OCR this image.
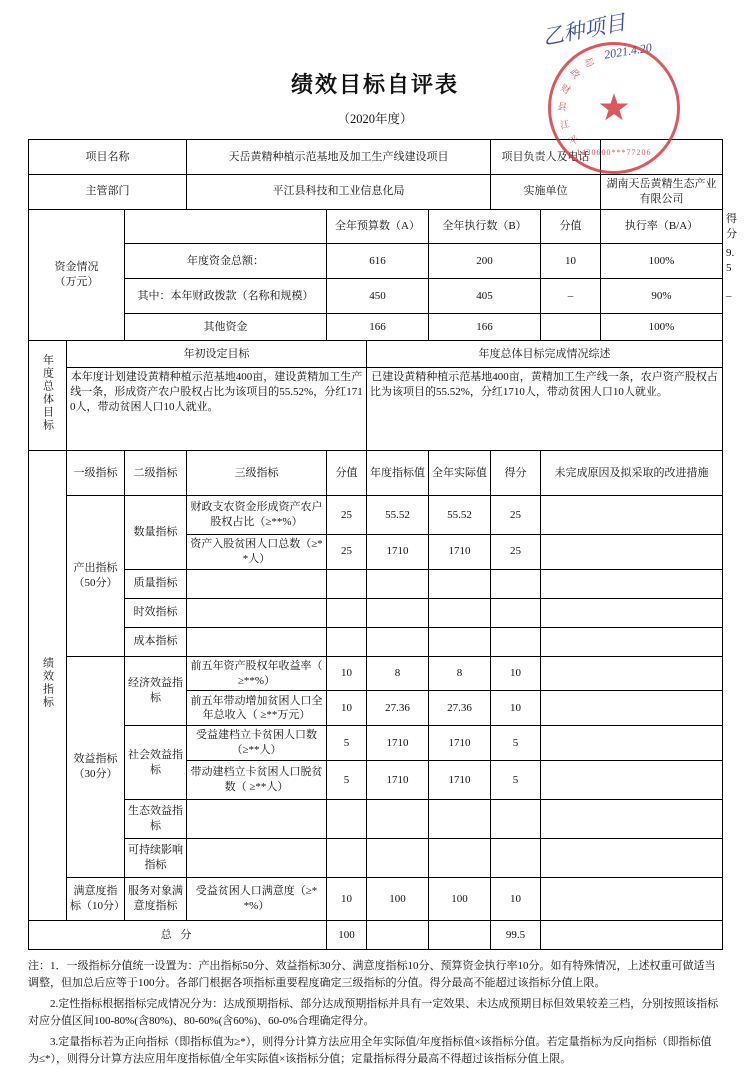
乙种项目
2021.4.20
平
江
县
财
政
局
1430600***77206
绩效目标自评表
（2020年度）
项目名称			天岳黄精种植示范基地及加工生产线建设项目				项目负责人及电话			
主管部门			平江县科技和工业信息化局				实施单位		湖南天岳黄精生态产业有限公司	

资金情况
（万元）				全年预算数（A）		全年执行数（B）		分值	执行率（B/A）	得分
		年度资金总额：		616		200		10	100%	9.5
		其中：本年财政拨款（名称和规模）		450		405		–	90%	–
		其他资金		166		166			100%	
年度总体目标	年初设定目标				年度总体目标完成情况综述					
	本年度计划建设黄精种植示范基地400亩，建设黄精加工生产线一条，形成资产农户股权占比为该项目的55.52%，分红1710人，带动贫困人口10人就业。				已建设黄精种植示范基地400亩，黄精加工生产线一条，农户资产股权占比为该项目的55.52%，分红1710人，带动贫困人口10人就业。					
绩效指标	一级指标	二级指标	三级指标	分值	年度指标值	全年实际值	得分	未完成原因及拟采取的改进措施		
	产出指标（50分）	数量指标	财政支农资金形成资产农户股权占比（≥**%）	25	55.52	55.52	25			
			资产入股贫困人口总数（≥**人）	25	1710	1710	25			
		质量指标								
		时效指标								
		成本指标								
	效益指标（30分）	经济效益指标	前五年资产股权年收益率（ ≥**%）	10	8	8	10			
			前五年带动增加贫困人口全年总收入（ ≥**万元）	10	27.36	27.36	10			
		社会效益指标	受益建档立卡贫困人口数（≥**人）	5	1710	1710	5			
			带动建档立卡贫困人口脱贫数（ ≥**人）	5	1710	1710	5			
		生态效益指标								
		可持续影响指标								
	满意度指标（10分）	服务对象满意度指标	受益贫困人口满意度（≥**%）	10	100	100	10			
总 分				100			99.5			

注：1．一级指标分值统一设置为：产出指标50分、效益指标30分、满意度指标10分、预算资金执行率10分。如有特殊情况，上述权重可做适当调整，但加总后应等于100分。各部门根据各项指标重要程度确定三级指标的分值。得分最高不能超过该指标分值上限。

2.定性指标根据指标完成情况分为：达成预期指标、部分达成预期指标并具有一定效果、未达成预期目标但效果较差三档，分别按照该指标对应分值区间100-80%(含80%)、80-60%(含60%)、60-0%合理确定得分。

3.定量指标若为正向指标（即指标值为≥*），则得分计算方法应用全年实际值/年度指标值×该指标分值。若定量指标为反向指标（即指标值为≤*），则得分计算方法应用年度指标值/全年实际值×该指标分值；定量指标得分最高不得超过该指标分值上限。
